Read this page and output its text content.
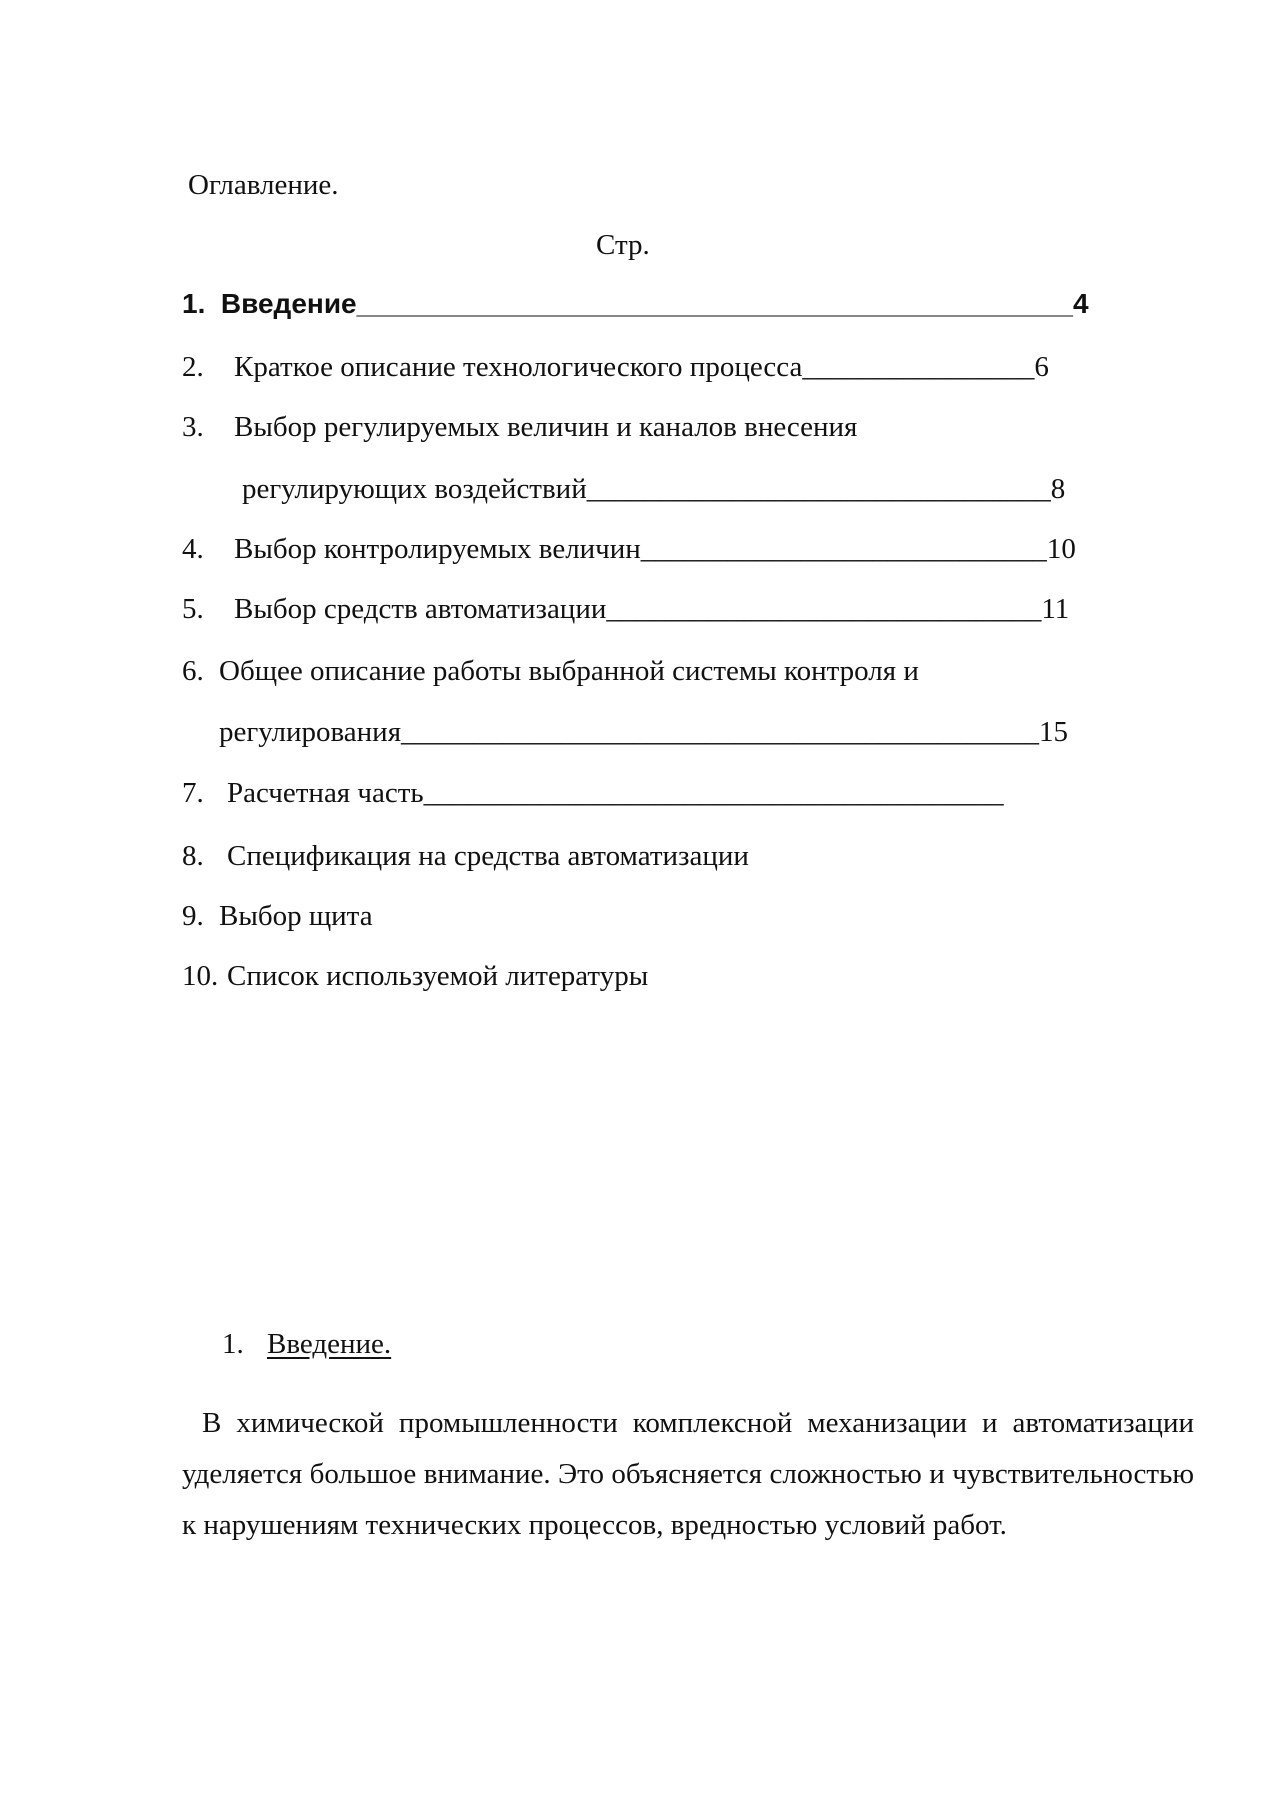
Оглавление.
Стр.
1. Введение______________________________________________4
2. Краткое описание технологического процесса________________6
3. Выбор регулируемых величин и каналов внесения
регулирующих воздействий________________________________8
4. Выбор контролируемых величин____________________________10
5. Выбор средств автоматизации______________________________11
6. Общее описание работы выбранной системы контроля и
регулирования____________________________________________15
7. Расчетная часть________________________________________
8. Спецификация на средства автоматизации
9. Выбор щита
10. Список используемой литературы
1. Введение.

В химической промышленности комплексной механизации и автоматизации уделяется большое внимание. Это объясняется сложностью и чувствительностью к нарушениям технических процессов, вредностью условий работ.
